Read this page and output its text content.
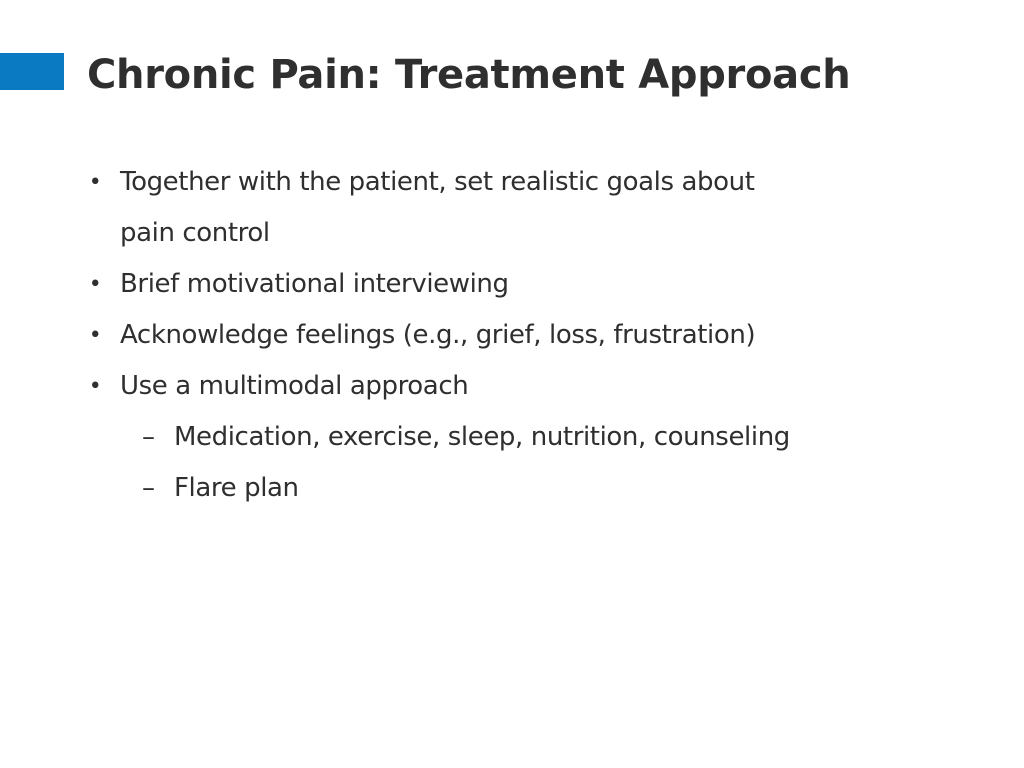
Chronic Pain: Treatment Approach
• Together with the patient, set realistic goals about pain control
• Brief motivational interviewing
• Acknowledge feelings (e.g., grief, loss, frustration)
• Use a multimodal approach
– Medication, exercise, sleep, nutrition, counseling
– Flare plan
